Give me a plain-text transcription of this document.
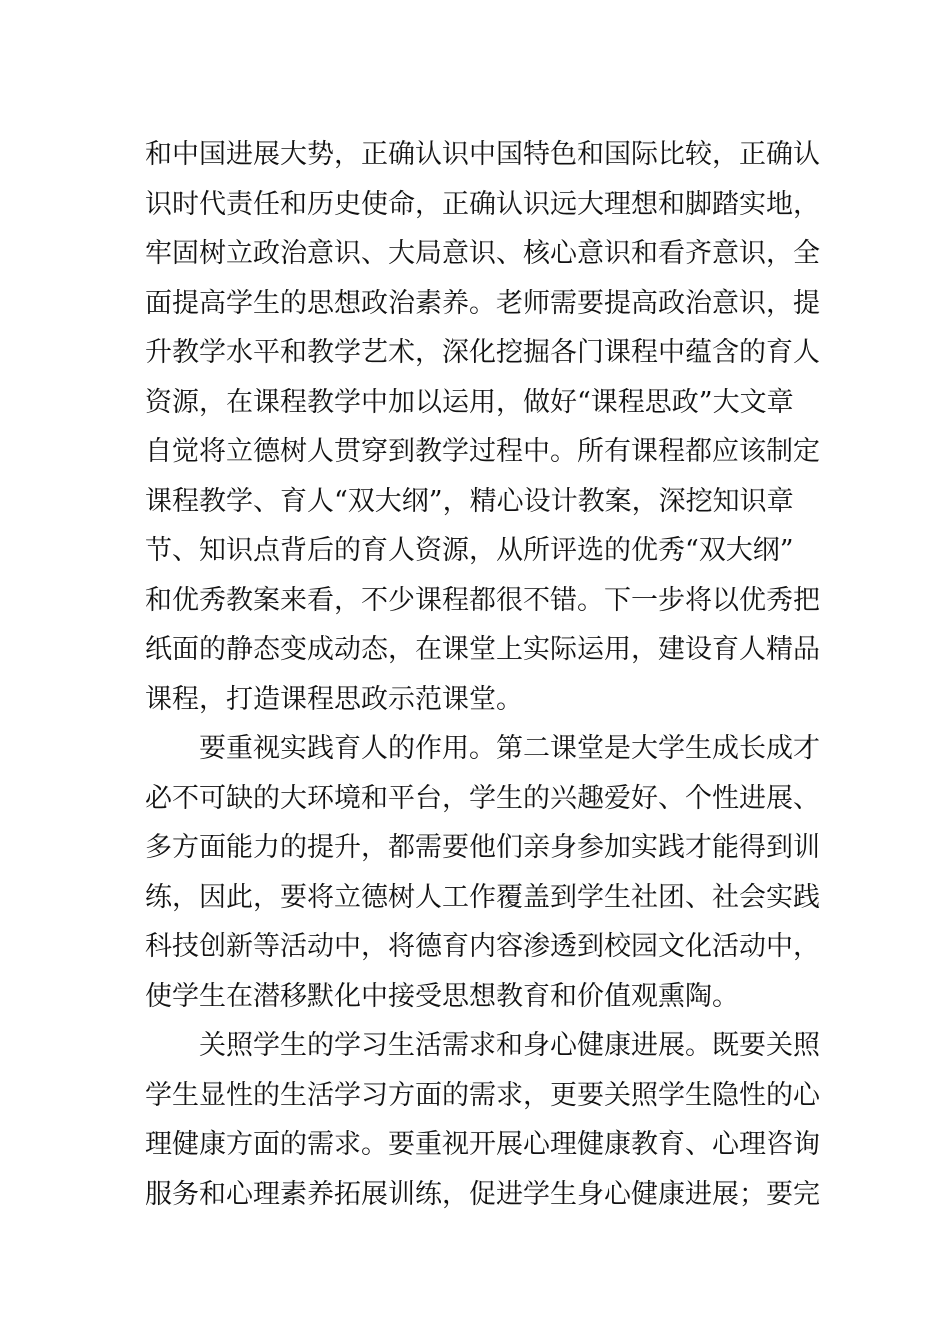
和中国进展大势，正确认识中国特色和国际比较，正确认
识时代责任和历史使命，正确认识远大理想和脚踏实地，
牢固树立政治意识、大局意识、核心意识和看齐意识，全
面提高学生的思想政治素养。老师需要提高政治意识，提
升教学水平和教学艺术，深化挖掘各门课程中蕴含的育人
资源，在课程教学中加以运用，做好“课程思政”大文章
自觉将立德树人贯穿到教学过程中。所有课程都应该制定
课程教学、育人“双大纲”，精心设计教案，深挖知识章
节、知识点背后的育人资源，从所评选的优秀“双大纲”
和优秀教案来看，不少课程都很不错。下一步将以优秀把
纸面的静态变成动态，在课堂上实际运用，建设育人精品
课程，打造课程思政示范课堂。
要重视实践育人的作用。第二课堂是大学生成长成才
必不可缺的大环境和平台，学生的兴趣爱好、个性进展、
多方面能力的提升，都需要他们亲身参加实践才能得到训
练，因此，要将立德树人工作覆盖到学生社团、社会实践
科技创新等活动中，将德育内容渗透到校园文化活动中，
使学生在潜移默化中接受思想教育和价值观熏陶。
关照学生的学习生活需求和身心健康进展。既要关照
学生显性的生活学习方面的需求，更要关照学生隐性的心
理健康方面的需求。要重视开展心理健康教育、心理咨询
服务和心理素养拓展训练，促进学生身心健康进展；要完
